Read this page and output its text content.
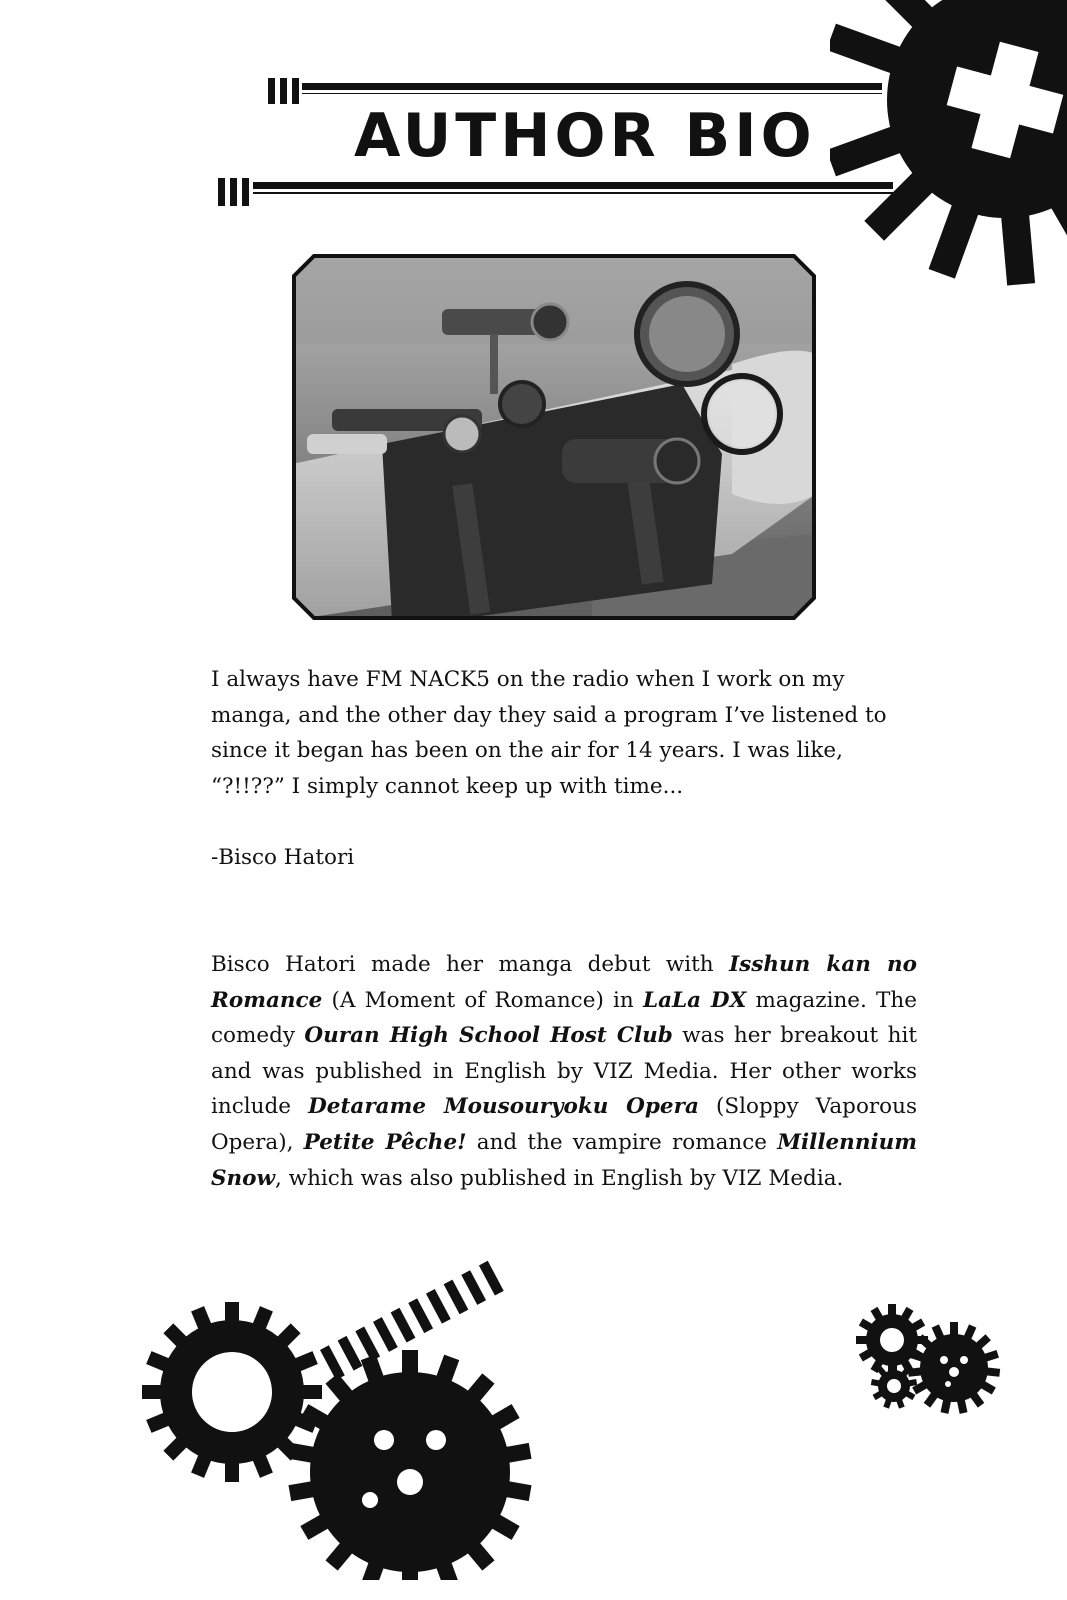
AUTHOR BIO
I always have FM NACK5 on the radio when I work on my manga, and the other day they said a program I’ve listened to since it began has been on the air for 14 years. I was like, “?!!??” I simply cannot keep up with time...
-Bisco Hatori
Bisco Hatori made her manga debut with Isshun kan no Romance (A Moment of Romance) in LaLa DX magazine. The comedy Ouran High School Host Club was her breakout hit and was published in English by VIZ Media. Her other works include Detarame Mousouryoku Opera (Sloppy Vaporous Opera), Petite Pêche! and the vampire romance Millennium Snow, which was also published in English by VIZ Media.
